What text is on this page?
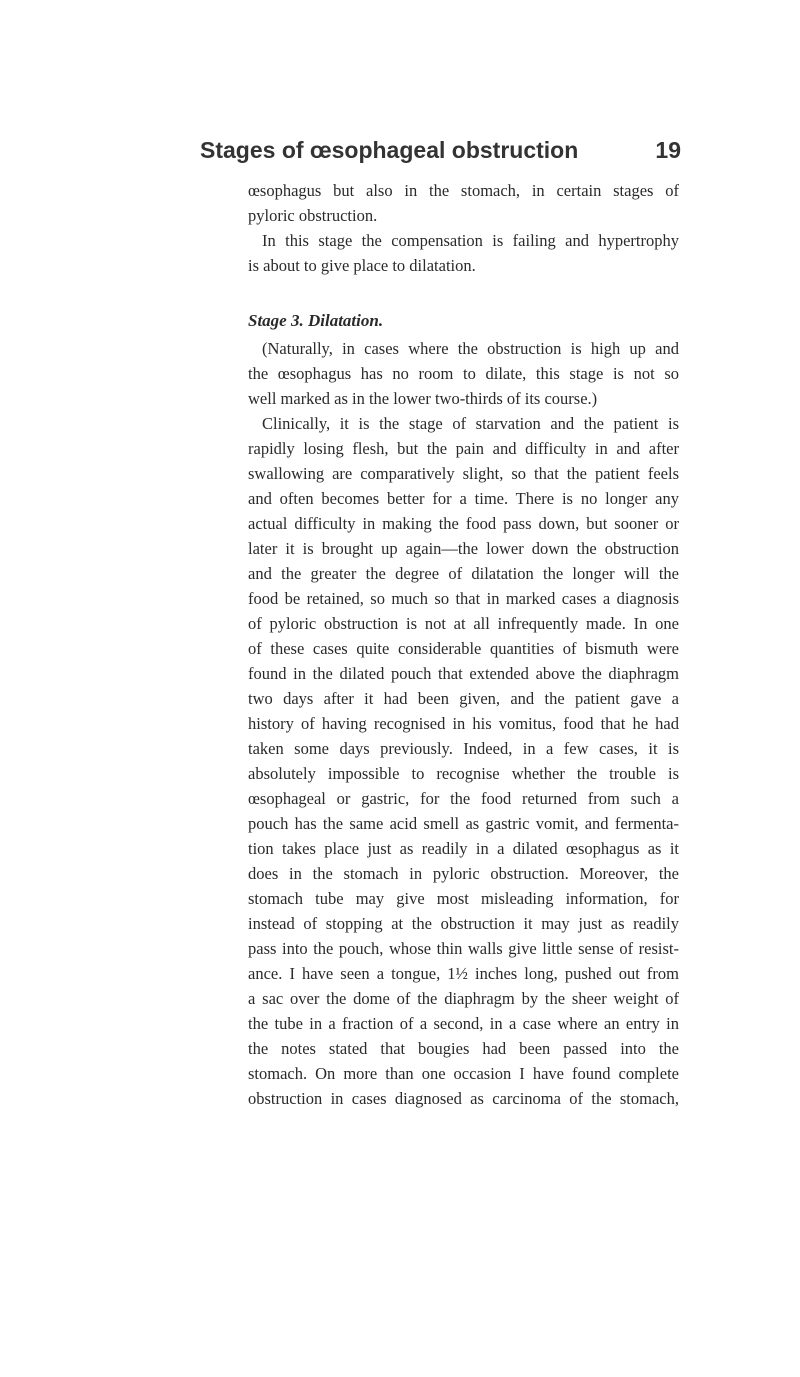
Stages of œsophageal obstruction	19
œsophagus but also in the stomach, in certain stages of
pyloric obstruction.
In this stage the compensation is failing and hypertrophy
is about to give place to dilatation.
Stage 3. Dilatation.
(Naturally, in cases where the obstruction is high up and
the œsophagus has no room to dilate, this stage is not so
well marked as in the lower two-thirds of its course.)
Clinically, it is the stage of starvation and the patient is
rapidly losing flesh, but the pain and difficulty in and after
swallowing are comparatively slight, so that the patient feels
and often becomes better for a time. There is no longer any
actual difficulty in making the food pass down, but sooner or
later it is brought up again—the lower down the obstruction
and the greater the degree of dilatation the longer will the
food be retained, so much so that in marked cases a diagnosis
of pyloric obstruction is not at all infrequently made. In one
of these cases quite considerable quantities of bismuth were
found in the dilated pouch that extended above the diaphragm
two days after it had been given, and the patient gave a
history of having recognised in his vomitus, food that he had
taken some days previously. Indeed, in a few cases, it is
absolutely impossible to recognise whether the trouble is
œsophageal or gastric, for the food returned from such a
pouch has the same acid smell as gastric vomit, and fermenta-
tion takes place just as readily in a dilated œsophagus as it
does in the stomach in pyloric obstruction. Moreover, the
stomach tube may give most misleading information, for
instead of stopping at the obstruction it may just as readily
pass into the pouch, whose thin walls give little sense of resist-
ance. I have seen a tongue, 1½ inches long, pushed out from
a sac over the dome of the diaphragm by the sheer weight of
the tube in a fraction of a second, in a case where an entry in
the notes stated that bougies had been passed into the
stomach. On more than one occasion I have found complete
obstruction in cases diagnosed as carcinoma of the stomach,
